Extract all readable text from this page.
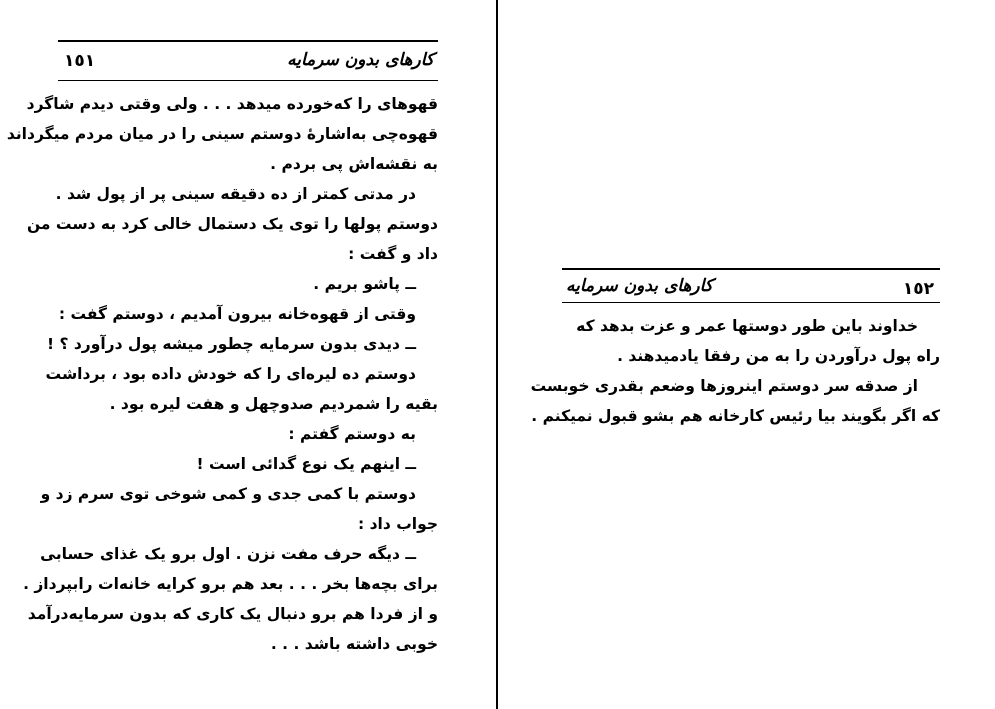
١٥١	کارهای بدون سرمایه
قهوهای را که‌خورده میدهد . . . ولی وقتی دیدم شاگرد
قهوه‌چی به‌اشارهٔ دوستم سینی را در میان مردم میگرداند
به نقشه‌اش پی بردم .
در مدتی کمتر از ده دقیقه سینی پر از پول شد .
دوستم پولها را توی یک دستمال خالی کرد به دست من
داد و گفت :
ــ پاشو بریم .
وقتی از قهوه‌خانه بیرون آمدیم ، دوستم گفت :
ــ دیدی بدون سرمایه چطور میشه پول درآورد ؟ !
دوستم ده لیره‌ای را که خودش داده بود ، برداشت
بقیه را شمردیم صدوچهل و هفت لیره بود .
به دوستم گفتم :
ــ اینهم یک نوع گدائی است !
دوستم با کمی جدی و کمی شوخی توی سرم زد و
جواب داد :
ــ دیگه حرف مفت نزن . اول برو یک غذای حسابی
برای بچه‌ها بخر . . . بعد هم برو کرایه خانه‌ات رابپرداز .
و از فردا هم برو دنبال یک کاری که بدون سرمایه‌درآمد
خوبی داشته باشد . . .
کارهای بدون سرمایه	١٥٢
خداوند باین طور دوستها عمر و عزت بدهد که
راه پول درآوردن را به من رفقا یادمیدهند .
از صدقه سر دوستم اینروزها وضعم بقدری خوبست
که اگر بگویند بیا رئیس کارخانه هم بشو قبول نمیکنم .
